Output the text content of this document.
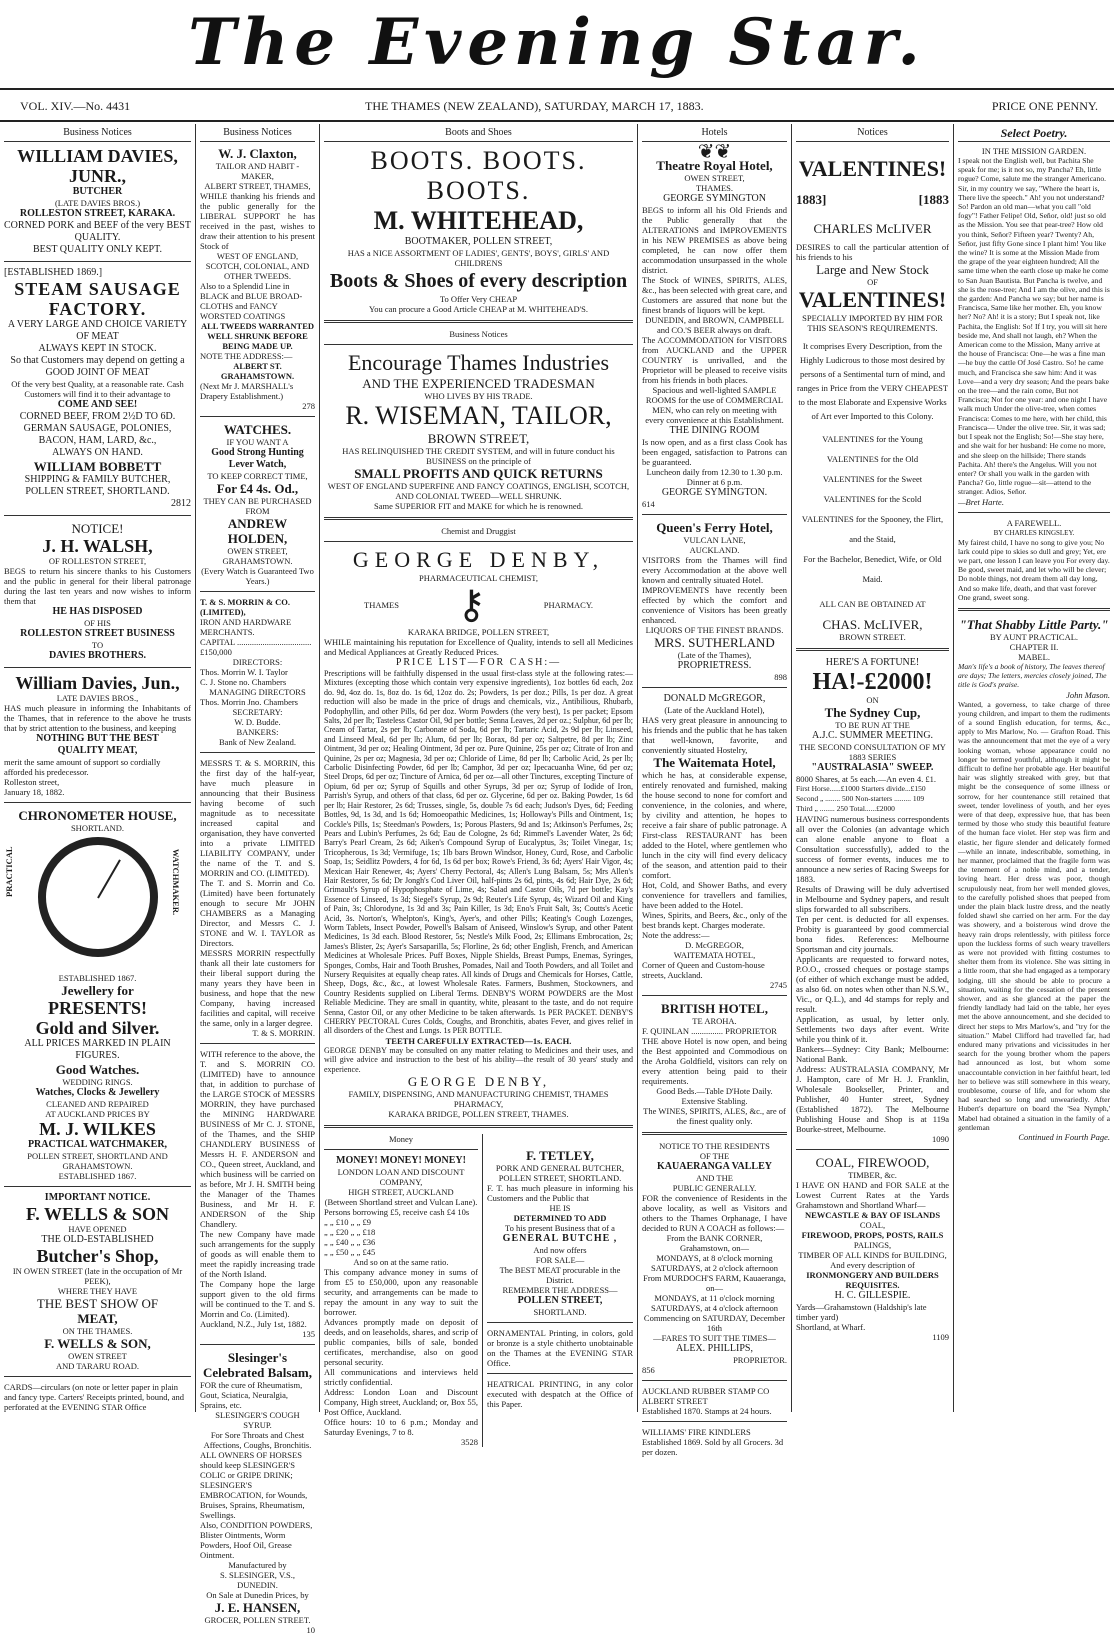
The Evening Star.
VOL. XIV.—No. 4431	THE THAMES (NEW ZEALAND), SATURDAY, MARCH 17, 1883.	PRICE ONE PENNY.
Business Notices
WILLIAM DAVIES, JUNR.,
BUTCHER
(LATE DAVIES BROS.)
ROLLESTON STREET, KARAKA.
CORNED PORK and BEEF of the very BEST QUALITY.
BEST QUALITY ONLY KEPT.
[ESTABLISHED 1869.]
STEAM SAUSAGE FACTORY.
A VERY LARGE AND CHOICE VARIETY OF MEAT
ALWAYS KEPT IN STOCK.
So that Customers may depend on getting a GOOD JOINT OF MEAT
Of the very best Quality, at a reasonable rate. Cash Customers will find it to their advantage to
COME AND SEE!
CORNED BEEF, FROM 2½D TO 6D.
GERMAN SAUSAGE, POLONIES, BACON, HAM, LARD, &c.,
ALWAYS ON HAND.
WILLIAM BOBBETT
SHIPPING & FAMILY BUTCHER,
POLLEN STREET, SHORTLAND.
2812
NOTICE!
J. H. WALSH,
OF ROLLESTON STREET,
BEGS to return his sincere thanks to his Customers and the public in general for their liberal patronage during the last ten years and now wishes to inform them that
HE HAS DISPOSED
OF HIS
ROLLESTON STREET BUSINESS
TO
DAVIES BROTHERS.
William Davies, Jun.,
LATE DAVIES BROS.,
HAS much pleasure in informing the Inhabitants of the Thames, that in reference to the above he trusts that by strict attention to the business, and keeping
NOTHING BUT THE BEST
QUALITY MEAT,
merit the same amount of support so cordially afforded his predecessor.
Rolleston street,
January 18, 1882.
CHRONOMETER HOUSE,
SHORTLAND.
PRACTICAL	WATCHMAKER.
ESTABLISHED 1867.
Jewellery for
PRESENTS!
Gold and Silver.
ALL PRICES MARKED IN PLAIN FIGURES.
Good Watches.
WEDDING RINGS.
Watches, Clocks & Jewellery
CLEANED AND REPAIRED
AT AUCKLAND PRICES BY
M. J. WILKES
PRACTICAL WATCHMAKER,
POLLEN STREET, SHORTLAND AND GRAHAMSTOWN.
ESTABLISHED 1867.
IMPORTANT NOTICE.
F. WELLS & SON
HAVE OPENED
THE OLD-ESTABLISHED
Butcher's Shop,
IN OWEN STREET (late in the occupation of Mr PEEK),
WHERE THEY HAVE
THE BEST SHOW OF
MEAT,
ON THE THAMES.
F. WELLS & SON,
OWEN STREET
AND TARARU ROAD.
CARDS—circulars (on note or letter paper in plain and fancy type. Carters' Receipts printed, bound, and perforated at the EVENING STAR Office
Business Notices
W. J. Claxton,
TAILOR AND HABIT - MAKER,
ALBERT STREET, THAMES,
WHILE thanking his friends and the public generally for the LIBERAL SUPPORT he has received in the past, wishes to draw their attention to his present Stock of
WEST OF ENGLAND, SCOTCH, COLONIAL, AND OTHER TWEEDS.
Also to a Splendid Line in BLACK and BLUE BROAD-CLOTHS and FANCY WORSTED COATINGS
ALL TWEEDS WARRANTED WELL SHRUNK BEFORE BEING MADE UP.
NOTE THE ADDRESS:—
ALBERT ST. GRAHAMSTOWN.
(Next Mr J. MARSHALL's Drapery Establishment.)
278
WATCHES.
IF YOU WANT A
Good Strong Hunting Lever Watch,
TO KEEP CORRECT TIME,
For £4 4s. Od.,
THEY CAN BE PURCHASED FROM
ANDREW HOLDEN,
OWEN STREET, GRAHAMSTOWN.
(Every Watch is Guaranteed Two Years.)
T. & S. MORRIN & CO. (LIMITED),
IRON AND HARDWARE MERCHANTS.
CAPITAL ...................................£150,000
DIRECTORS:
Thos. Morrin W. I. Taylor
C. J. Stone no. Chambers
MANAGING DIRECTORS
Thos. Morrin Jno. Chambers
SECRETARY:
W. D. Budde.
BANKERS:
Bank of New Zealand.
MESSRS T. & S. MORRIN, this the first day of the half-year, have much pleasure in announcing that their Business having become of such magnitude as to necessitate increased capital and organisation, they have converted into a private LIMITED LIABILITY COMPANY, under the name of the T. and S. MORRIN and CO. (LIMITED).
The T. and S. Morrin and Co. (Limited) have been fortunately enough to secure Mr JOHN CHAMBERS as a Managing Director, and Messrs C. J. STONE and W. I. TAYLOR as Directors.
MESSRS MORRIN respectfully thank all their late customers for their liberal support during the many years they have been in business, and hope that the new Company, having increased facilities and capital, will receive the same, only in a larger degree.
T. & S. MORRIN.
WITH reference to the above, the T. and S. MORRIN CO. (LIMITED) have to announce that, in addition to purchase of the LARGE STOCK of MESSRS MORRIN, they have purchased the MINING HARDWARE BUSINESS of Mr C. J. STONE, of the Thames, and the SHIP CHANDLERY BUSINESS of Messrs H. F. ANDERSON and CO., Queen street, Auckland, and which business will be carried on as before, Mr J. H. SMITH being the Manager of the Thames Business, and Mr H. F. ANDERSON of the Ship Chandlery.
The new Company have made such arrangements for the supply of goods as will enable them to meet the rapidly increasing trade of the North Island.
The Company hope the large support given to the old firms will be continued to the T. and S. Morrin and Co. (Limited).
Auckland, N.Z., July 1st, 1882.
135
Slesinger's Celebrated Balsam,
FOR the cure of Rheumatism, Gout, Sciatica, Neuralgia, Sprains, etc.
SLESINGER'S COUGH SYRUP.
For Sore Throats and Chest Affections, Coughs, Bronchitis.
ALL OWNERS OF HORSES should keep SLESINGER'S COLIC or GRIPE DRINK; SLESINGER'S EMBROCATION, for Wounds, Bruises, Sprains, Rheumatism, Swellings.
Also, CONDITION POWDERS, Blister Ointments, Worm Powders, Hoof Oil, Grease Ointment.
Manufactured by
S. SLESINGER, V.S., DUNEDIN.
On Sale at Dunedin Prices, by
J. E. HANSEN,
GROCER, POLLEN STREET.
10
Boots and Shoes
BOOTS. BOOTS. BOOTS.
M. WHITEHEAD,
BOOTMAKER, POLLEN STREET,
HAS a NICE ASSORTMENT OF LADIES', GENTS', BOYS', GIRLS' AND CHILDRENS
Boots & Shoes of every description
To Offer Very CHEAP
You can procure a Good Article CHEAP at M. WHITEHEAD'S.
Business Notices
Encourage Thames Industries
AND THE EXPERIENCED TRADESMAN
WHO LIVES BY HIS TRADE.
R. WISEMAN, TAILOR,
BROWN STREET,
HAS RELINQUISHED THE CREDIT SYSTEM, and will in future conduct his BUSINESS on the principle of
SMALL PROFITS AND QUICK RETURNS
WEST OF ENGLAND SUPERFINE AND FANCY COATINGS, ENGLISH, SCOTCH, AND COLONIAL TWEED—WELL SHRUNK.
Same SUPERIOR FIT and MAKE for which he is renowned.
Chemist and Druggist
GEORGE DENBY,
PHARMACEUTICAL CHEMIST,
THAMES ⚷	PHARMACY.
KARAKA BRIDGE, POLLEN STREET,
WHILE maintaining his reputation for Excellence of Quality, intends to sell all Medicines and Medical Appliances at Greatly Reduced Prices.
PRICE LIST—FOR CASH:—
Prescriptions will be faithfully dispensed in the usual first-class style at the following rates:—Mixtures (excepting those which contain very expensive ingredients), 1oz bottles 6d each, 2oz do. 9d, 4oz do. 1s, 8oz do. 1s 6d, 12oz do. 2s; Powders, 1s per doz.; Pills, 1s per doz. A great reduction will also be made in the price of drugs and chemicals, viz., Antibilious, Rhubarb, Podophyllin, and other Pills, 6d per doz. Worm Powders (the very best), 1s per packet; Epsom Salts, 2d per lb; Tasteless Castor Oil, 9d per bottle; Senna Leaves, 2d per oz.; Sulphur, 6d per lb; Cream of Tartar, 2s per lb; Carbonate of Soda, 6d per lb; Tartaric Acid, 2s 9d per lb; Linseed, and Linseed Meal, 6d per lb; Alum, 6d per lb; Borax, 8d per oz; Saltpetre, 8d per lb; Zinc Ointment, 3d per oz; Healing Ointment, 3d per oz. Pure Quinine, 25s per oz; Citrate of Iron and Quinine, 2s per oz; Magnesia, 3d per oz; Chloride of Lime, 8d per lb; Carbolic Acid, 2s per lb; Carbolic Disinfecting Powder, 6d per lb; Camphor, 3d per oz; Ipecacuanha Wine, 6d per oz; Steel Drops, 6d per oz; Tincture of Arnica, 6d per oz—all other Tinctures, excepting Tincture of Opium, 6d per oz; Syrup of Squills and other Syrups, 3d per oz; Syrup of Iodide of Iron, Parrish's Syrup, and others of that class, 6d per oz. Glycerine, 6d per oz. Baking Powder, 1s 6d per lb; Hair Restorer, 2s 6d; Trusses, single, 5s, double 7s 6d each; Judson's Dyes, 6d; Feeding Bottles, 9d, 1s 3d, and 1s 6d; Homoeopathic Medicines, 1s; Holloway's Pills and Ointment, 1s; Cockle's Pills, 1s; Steedman's Powders, 1s; Porous Plasters, 9d and 1s; Atkinson's Perfumes, 2s; Pears and Lubin's Perfumes, 2s 6d; Eau de Cologne, 2s 6d; Rimmel's Lavender Water, 2s 6d; Barry's Pearl Cream, 2s 6d; Aiken's Compound Syrup of Eucalyptus, 3s; Toilet Vinegar, 1s; Tricopherous, 1s 3d; Vermifuge, 1s; 1lb bars Brown Windsor, Honey, Curd, Rose, and Carbolic Soap, 1s; Seidlitz Powders, 4 for 6d, 1s 6d per box; Rowe's Friend, 3s 6d; Ayers' Hair Vigor, 4s; Mexican Hair Renewer, 4s; Ayers' Cherry Pectoral, 4s; Allen's Lung Balsam, 5s; Mrs Allen's Hair Restorer, 5s 6d; Dr Jongh's Cod Liver Oil, half-pints 2s 6d, pints, 4s 6d; Hair Dye, 2s 6d; Grimault's Syrup of Hypophosphate of Lime, 4s; Salad and Castor Oils, 7d per bottle; Kay's Essence of Linseed, 1s 3d; Siegel's Syrup, 2s 9d; Reuter's Life Syrup, 4s; Wizard Oil and King of Pain, 3s; Chlorodyne, 1s 3d and 3s; Pain Killer, 1s 3d; Eno's Fruit Salt, 3s; Coutts's Acetic Acid, 3s. Norton's, Whelpton's, King's, Ayer's, and other Pills; Keating's Cough Lozenges, Worm Tablets, Insect Powder, Powell's Balsam of Aniseed, Winslow's Syrup, and other Patent Medicines, 1s 3d each. Blood Restorer, 5s; Nestle's Milk Food, 2s; Ellimans Embrocation, 2s; James's Blister, 2s; Ayer's Sarsaparilla, 5s; Florline, 2s 6d; other English, French, and American Medicines at Wholesale Prices. Puff Boxes, Nipple Shields, Breast Pumps, Enemas, Syringes, Sponges, Combs, Hair and Tooth Brushes, Pomades, Nail and Tooth Powders, and all Toilet and Nursery Requisites at equally cheap rates. All kinds of Drugs and Chemicals for Horses, Cattle, Sheep, Dogs, &c., &c., at lowest Wholesale Rates. Farmers, Bushmen, Stockowners, and Country Residents supplied on Liberal Terms. DENBY'S WORM POWDERS are the Most Reliable Medicine. They are small in quantity, white, pleasant to the taste, and do not require Senna, Castor Oil, or any other Medicine to be taken afterwards. 1s PER PACKET. DENBY'S CHERRY PECTORAL Cures Colds, Coughs, and Bronchitis, abates Fever, and gives relief in all disorders of the Chest and Lungs. 1s PER BOTTLE.
TEETH CAREFULLY EXTRACTED—1s. EACH.
GEORGE DENBY may be consulted on any matter relating to Medicines and their uses, and will give advice and instruction to the best of his ability—the result of 30 years' study and experience.
GEORGE DENBY,
FAMILY, DISPENSING, AND MANUFACTURING CHEMIST, THAMES PHARMACY,
KARAKA BRIDGE, POLLEN STREET, THAMES.
Money
MONEY! MONEY! MONEY!
LONDON LOAN AND DISCOUNT COMPANY,
HIGH STREET, AUCKLAND
(Between Shortland street and Vulcan Lane).
Persons borrowing £5, receive cash £4 10s
„ „ £10 „ „ £9
„ „ £20 „ „ £18
„ „ £40 „ „ £36
„ „ £50 „ „ £45
And so on at the same ratio.
This company advance money in sums of from £5 to £50,000, upon any reasonable security, and arrangements can be made to repay the amount in any way to suit the borrower.
Advances promptly made on deposit of deeds, and on leaseholds, shares, and scrip of public companies, bills of sale, bonded certificates, merchandise, also on good personal security.
All communications and interviews held strictly confidential.
Address: London Loan and Discount Company, High street, Auckland; or, Box 55, Post Office, Auckland.
Office hours: 10 to 6 p.m.; Monday and Saturday Evenings, 7 to 8.
3528
F. TETLEY,
PORK AND GENERAL BUTCHER,
POLLEN STREET, SHORTLAND.
F. T. has much pleasure in informing his Customers and the Public that
HE IS
DETERMINED TO ADD
To his present Business that of a
GENERAL BUTCHE ,
And now offers
FOR SALE—
The BEST MEAT procurable in the District.
REMEMBER THE ADDRESS—
POLLEN STREET,
SHORTLAND.
ORNAMENTAL Printing, in colors, gold or bronze is a style chitherto unobtainable on the Thames at the EVENING STAR Office.
HEATRICAL PRINTING, in any color executed with despatch at the Office of this Paper.
Hotels
❦❦
Theatre Royal Hotel,
OWEN STREET,
THAMES.
GEORGE SYMINGTON
BEGS to inform all his Old Friends and the Public generally that the ALTERATIONS and IMPROVEMENTS in his NEW PREMISES as above being completed, he can now offer them accommodation unsurpassed in the whole district.
The Stock of WINES, SPIRITS, ALES, &c., has been selected with great care, and Customers are assured that none but the finest brands of liquors will be kept.
DUNEDIN, and BROWN, CAMPBELL and CO.'S BEER always on draft.
The ACCOMMODATION for VISITORS from AUCKLAND and the UPPER COUNTRY is unrivalled, and the Proprietor will be pleased to receive visits from his friends in both places.
Spacious and well-lighted SAMPLE ROOMS for the use of COMMERCIAL MEN, who can rely on meeting with every convenience at this Establishment.
THE DINING ROOM
Is now open, and as a first class Cook has been engaged, satisfaction to Patrons can be guaranteed.
Luncheon daily from 12.30 to 1.30 p.m. Dinner at 6 p.m.
GEORGE SYMINGTON.
614
Queen's Ferry Hotel,
VULCAN LANE,
AUCKLAND.
VISITORS from the Thames will find every Accommodation at the above well known and centrally situated Hotel.
IMPROVEMENTS have recently been effected by which the comfort and convenience of Visitors has been greatly enhanced.
LIQUORS OF THE FINEST BRANDS.
MRS. SUTHERLAND
(Late of the Thames),
PROPRIETRESS.
898
DONALD McGREGOR,
(Late of the Auckland Hotel),
HAS very great pleasure in announcing to his friends and the public that he has taken that well-known, favorite, and conveniently situated Hostelry,
The Waitemata Hotel,
which he has, at considerable expense, entirely renovated and furnished, making the house second to none for comfort and convenience, in the colonies, and where, by civility and attention, he hopes to receive a fair share of public patronage. A First-class RESTAURANT has been added to the Hotel, where gentlemen who lunch in the city will find every delicacy of the season, and attention paid to their comfort.
Hot, Cold, and Shower Baths, and every convenience for travellers and families, have been added to the Hotel.
Wines, Spirits, and Beers, &c., only of the best brands kept. Charges moderate.
Note the address:—
D. McGREGOR,
WAITEMATA HOTEL,
Corner of Queen and Custom-house streets, Auckland.
2745
BRITISH HOTEL,
TE AROHA.
F. QUINLAN ............... PROPRIETOR
THE above Hotel is now open, and being the Best appointed and Commodious on the Aroha Goldfield, visitors can rely on every attention being paid to their requirements.
Good Beds.—Table D'Hote Daily.
Extensive Stabling.
The WINES, SPIRITS, ALES, &c., are of the finest quality only.
NOTICE TO THE RESIDENTS
OF THE
KAUAERANGA VALLEY
AND THE
PUBLIC GENERALLY.
FOR the convenience of Residents in the above locality, as well as Visitors and others to the Thames Orphanage, I have decided to RUN A COACH as follows:—
From the BANK CORNER, Grahamstown, on—
MONDAYS, at 8 o'clock morning
SATURDAYS, at 2 o'clock afternoon
From MURDOCH'S FARM, Kauaeranga, on—
MONDAYS, at 11 o'clock morning
SATURDAYS, at 4 o'clock afternoon
Commencing on SATURDAY, December 16th
—FARES TO SUIT THE TIMES—
ALEX. PHILLIPS,
PROPRIETOR.
856
AUCKLAND RUBBER STAMP CO ALBERT STREET
Established 1870. Stamps at 24 hours.
WILLIAMS' FIRE KINDLERS Established 1869. Sold by all Grocers. 3d per dozen.
Notices
VALENTINES!
1883]	[1883
CHARLES McLIVER
DESIRES to call the particular attention of his friends to his
Large and New Stock
OF
VALENTINES!
SPECIALLY IMPORTED BY HIM FOR THIS SEASON'S REQUIREMENTS.
It comprises Every Description, from the Highly Ludicrous to those most desired by persons of a Sentimental turn of mind, and ranges in Price from the VERY CHEAPEST to the most Elaborate and Expensive Works of Art ever Imported to this Colony.
VALENTINES for the Young
VALENTINES for the Old
VALENTINES for the Sweet
VALENTINES for the Scold
VALENTINES for the Spooney, the Flirt, and the Staid,
For the Bachelor, Benedict, Wife, or Old Maid.
ALL CAN BE OBTAINED AT
CHAS. McLIVER,
BROWN STREET.
HERE'S A FORTUNE!
HA!-£2000!
ON
The Sydney Cup,
TO BE RUN AT THE
A.J.C. SUMMER MEETING.
THE SECOND CONSULTATION OF MY
1883 SERIES
"AUSTRALASIA" SWEEP.
8000 Shares, at 5s each.—An even 4. £1.
First Horse......£1000 Starters divide...£150
Second „ ........ 500 Non-starters ......... 109
Third „ ........ 250 Total......£2000
HAVING numerous business correspondents all over the Colonies (an advantage which can alone enable anyone to float a Consultation successfully), added to the success of former events, induces me to announce a new series of Racing Sweeps for 1883.
Results of Drawing will be duly advertised in Melbourne and Sydney papers, and result slips forwarded to all subscribers.
Ten per cent. is deducted for all expenses. Probity is guaranteed by good commercial bona fides. References: Melbourne Sportsman and city journals.
Applicants are requested to forward notes, P.O.O., crossed cheques or postage stamps (of either of which exchange must be added, as also 6d. on notes when other than N.S.W., Vic., or Q.L.), and 4d stamps for reply and result.
Application, as usual, by letter only. Settlements two days after event. Write while you think of it.
Bankers—Sydney: City Bank; Melbourne: National Bank.
Address: AUSTRALASIA COMPANY, Mr J. Hampton, care of Mr H. J. Franklin, Wholesale Bookseller, Printer, and Publisher, 40 Hunter street, Sydney (Established 1872). The Melbourne Publishing House and Shop is at 119a Bourke-street, Melbourne.
1090
COAL, FIREWOOD,
TIMBER, &c.
I HAVE ON HAND and FOR SALE at the Lowest Current Rates at the Yards Grahamstown and Shortland Wharf—
NEWCASTLE & BAY OF ISLANDS
COAL,
FIREWOOD, PROPS, POSTS, RAILS
PALINGS,
TIMBER OF ALL KINDS for BUILDING,
And every description of
IRONMONGERY AND BUILDERS REQUISITES.
H. C. GILLESPIE.
Yards—Grahamstown (Haldship's late timber yard)
Shortland, at Wharf.
1109
Select Poetry.
IN THE MISSION GARDEN.
I speak not the English well, but Pachita She speak for me; is it not so, my Pancha? Eh, little rogue? Come, salute me the stranger Americano.
Sir, in my country we say, "Where the heart is, There live the speech." Ah! you not understand? So! Pardon an old man—what you call "old fogy"! Father Felipe! Old, Señor, old! just so old as the Mission. You see that pear-tree? How old you think, Señor? Fifteen year? Twenty? Ah, Señor, just fifty Gone since I plant him! You like the wine? It is some at the Mission Made from the grape of the year eighteen hundred; All the same time when the earth close up make he come to San Juan Bautista. But Pancha is twelve, and she is the rose-tree; And I am the olive, and this is the garden: And Pancha we say; but her name is Francisca, Same like her mother. Eh, you know her? No? Ah! it is a story; But I speak not, like Pachita, the English: So! If I try, you will sit here beside me, And shall not laugh, eh? When the American come to the Mission, Many arrive at the house of Francisca: One—he was a fine man—he buy the cattle Of José Castro. So! he came much, and Francisca she saw him: And it was Love—and a very dry season; And the pears bake on the tree—and the rain come, But not Francisca; Not for one year: and one night I have walk much Under the olive-tree, when comes Francisca: Comes to me here, with her child, this Francisca— Under the olive tree. Sir, it was sad; but I speak not the English; So!—She stay here, and she wait for her husband: He come no more, and she sleep on the hillside; There stands Pachita. Ah! there's the Angelus. Will you not enter? Or shall you walk in the garden with Pancha? Go, little rogue—sit—attend to the stranger. Adios, Señor.
—Bret Harte.
A FAREWELL.
BY CHARLES KINGSLEY.
My fairest child, I have no song to give you; No lark could pipe to skies so dull and grey; Yet, ere we part, one lesson I can leave you For every day. Be good, sweet maid, and let who will be clever; Do noble things, not dream them all day long, And so make life, death, and that vast forever One grand, sweet song.
"That Shabby Little Party."
BY AUNT PRACTICAL.
CHAPTER II.
MABEL.
Man's life's a book of history, The leaves thereof are days; The letters, mercies closely joined, The title is God's praise.
John Mason.
Wanted, a governess, to take charge of three young children, and impart to them the rudiments of a sound English education, for terms, &c., apply to Mrs Marlow, No. — Grafton Road. This was the announcement that met the eye of a very looking woman, whose appearance could no longer be termed youthful, although it might be difficult to define her probable age. Her beautiful hair was slightly streaked with grey, but that might be the consequence of some illness or sorrow, for her countenance still retained that sweet, tender loveliness of youth, and her eyes were of that deep, expressive hue, that has been termed by those who study this beautiful feature of the human face violet. Her step was firm and elastic, her figure slender and delicately formed—while an innate, indescribable, something, in her manner, proclaimed that the fragile form was the tenement of a noble mind, and a tender, loving heart. Her dress was poor, though scrupulously neat, from her well mended gloves, to the carefully polished shoes that peeped from under the plain black lustre dress, and the neatly folded shawl she carried on her arm. For the day was showery, and a boisterous wind drove the heavy rain drops relentlessly, with pitiless force upon the luckless forms of such weary travellers as were not provided with fitting costumes to shelter them from its violence. She was sitting in a little room, that she had engaged as a temporary lodging, till she should be able to procure a situation, waiting for the cessation of the present shower, and as she glanced at the paper the friendly landlady had laid on the table, her eyes met the above announcement, and she decided to direct her steps to Mrs Marlow's, and "try for the situation." Mabel Clifford had travelled far, had endured many privations and vicissitudes in her search for the young brother whom the papers had announced as lost, but whom some unaccountable conviction in her faithful heart, led her to believe was still somewhere in this weary, troublesome, course of life, and for whom she had searched so long and unweariedly. After Hubert's departure on board the 'Sea Nymph,' Mabel had obtained a situation in the family of a gentleman
Continued in Fourth Page.
